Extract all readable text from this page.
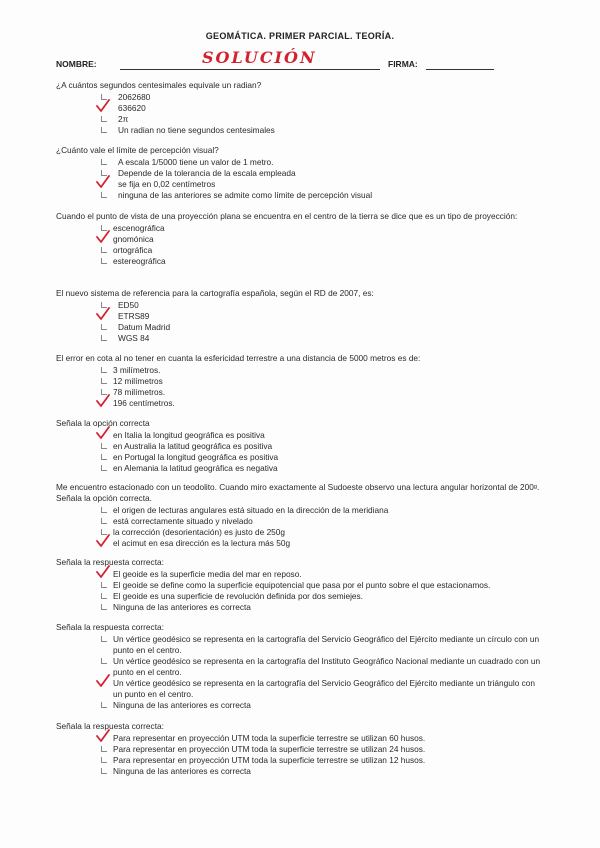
GEOMÁTICA. PRIMER PARCIAL. TEORÍA.
NOMBRE:	SOLUCIÓN	FIRMA:
¿A cuántos segundos centesimales equivale un radian?
2062680
636620
2π
Un radian no tiene segundos centesimales
¿Cuánto vale el límite de percepción visual?
A escala 1/5000 tiene un valor de 1 metro.
Depende de la tolerancia de la escala empleada
se fija en 0,02 centímetros
ninguna de las anteriores se admite como límite de percepción visual
Cuando el punto de vista de una proyección plana se encuentra en el centro de la tierra se dice que es un tipo de proyección:
escenográfica
gnomónica
ortográfica
estereográfica
El nuevo sistema de referencia para la cartografía española, según el RD de 2007, es:
ED50
ETRS89
Datum Madrid
WGS 84
El error en cota al no tener en cuanta la esfericidad terrestre a una distancia de 5000 metros es de:
3 milímetros.
12 milímetros
78 milímetros.
196 centímetros.
Señala la opción correcta
en Italia la longitud geográfica es positiva
en Australia la latitud geográfica es positiva
en Portugal la longitud geográfica es positiva
en Alemania la latitud geográfica es negativa
Me encuentro estacionado con un teodolito. Cuando miro exactamente al Sudoeste observo una lectura angular horizontal de 200ᵍ. Señala la opción correcta.
el origen de lecturas angulares está situado en la dirección de la meridiana
está correctamente situado y nivelado
la corrección (desorientación) es justo de 250g
el acimut en esa dirección es la lectura más 50g
Señala la respuesta correcta:
El geoide es la superficie media del mar en reposo.
El geoide se define como la superficie equipotencial que pasa por el punto sobre el que estacionamos.
El geoide es una superficie de revolución definida por dos semiejes.
Ninguna de las anteriores es correcta
Señala la respuesta correcta:
Un vértice geodésico se representa en la cartografía del Servicio Geográfico del Ejército mediante un círculo con un punto en el centro.
Un vértice geodésico se representa en la cartografía del Instituto Geográfico Nacional mediante un cuadrado con un punto en el centro.
Un vértice geodésico se representa en la cartografía del Servicio Geográfico del Ejército mediante un triángulo con un punto en el centro.
Ninguna de las anteriores es correcta
Señala la respuesta correcta:
Para representar en proyección UTM toda la superficie terrestre se utilizan 60 husos.
Para representar en proyección UTM toda la superficie terrestre se utilizan 24 husos.
Para representar en proyección UTM toda la superficie terrestre se utilizan 12 husos.
Ninguna de las anteriores es correcta
